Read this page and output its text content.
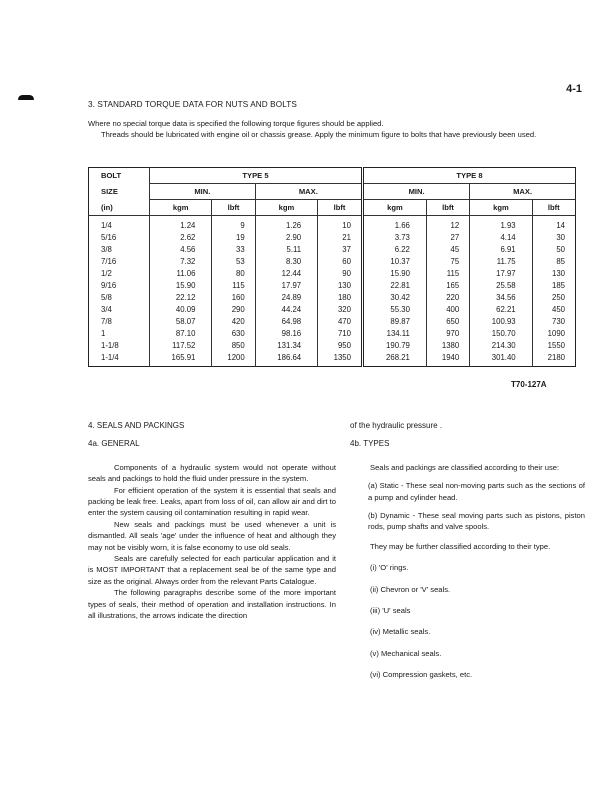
4-1
3. STANDARD TORQUE DATA FOR NUTS AND BOLTS

Where no special torque data is specified the following torque figures should be applied.

Threads should be lubricated with engine oil or chassis grease. Apply the minimum figure to bolts that have previously been used.

BOLT	TYPE 5				TYPE 8			
SIZE	MIN.		MAX.		MIN.		MAX.	
(in)	kgm	lbft	kgm	lbft	kgm	lbft	kgm	lbft
1/4	1.24	9	1.26	10	1.66	12	1.93	14
5/16	2.62	19	2.90	21	3.73	27	4.14	30
3/8	4.56	33	5.11	37	6.22	45	6.91	50
7/16	7.32	53	8.30	60	10.37	75	11.75	85
1/2	11.06	80	12.44	90	15.90	115	17.97	130
9/16	15.90	115	17.97	130	22.81	165	25.58	185
5/8	22.12	160	24.89	180	30.42	220	34.56	250
3/4	40.09	290	44.24	320	55.30	400	62.21	450
7/8	58.07	420	64.98	470	89.87	650	100.93	730
1	87.10	630	98.16	710	134.11	970	150.70	1090
1-1/8	117.52	850	131.34	950	190.79	1380	214.30	1550
1-1/4	165.91	1200	186.64	1350	268.21	1940	301.40	2180
T70-127A

4. SEALS AND PACKINGS

4a. GENERAL

Components of a hydraulic system would not operate without seals and packings to hold the fluid under pressure in the system.

For efficient operation of the system it is essential that seals and packing be leak free. Leaks, apart from loss of oil, can allow air and dirt to enter the system causing oil contamination resulting in rapid wear.

New seals and packings must be used whenever a unit is dismantled. All seals 'age' under the influence of heat and although they may not be visibly worn, it is false economy to use old seals.

Seals are carefully selected for each particular application and it is MOST IMPORTANT that a replacement seal be of the same type and size as the original. Always order from the relevant Parts Catalogue.

The following paragraphs describe some of the more important types of seals, their method of operation and installation instructions. In all illustrations, the arrows indicate the direction

of the hydraulic pressure .

4b. TYPES

Seals and packings are classified according to their use:

(a) Static - These seal non-moving parts such as the sections of a pump and cylinder head.

(b) Dynamic - These seal moving parts such as pistons, piston rods, pump shafts and valve spools.

They may be further classified according to their type.

(i) 'O' rings.

(ii) Chevron or 'V' seals.

(iii) 'U' seals

(iv) Metallic seals.

(v) Mechanical seals.

(vi) Compression gaskets, etc.
